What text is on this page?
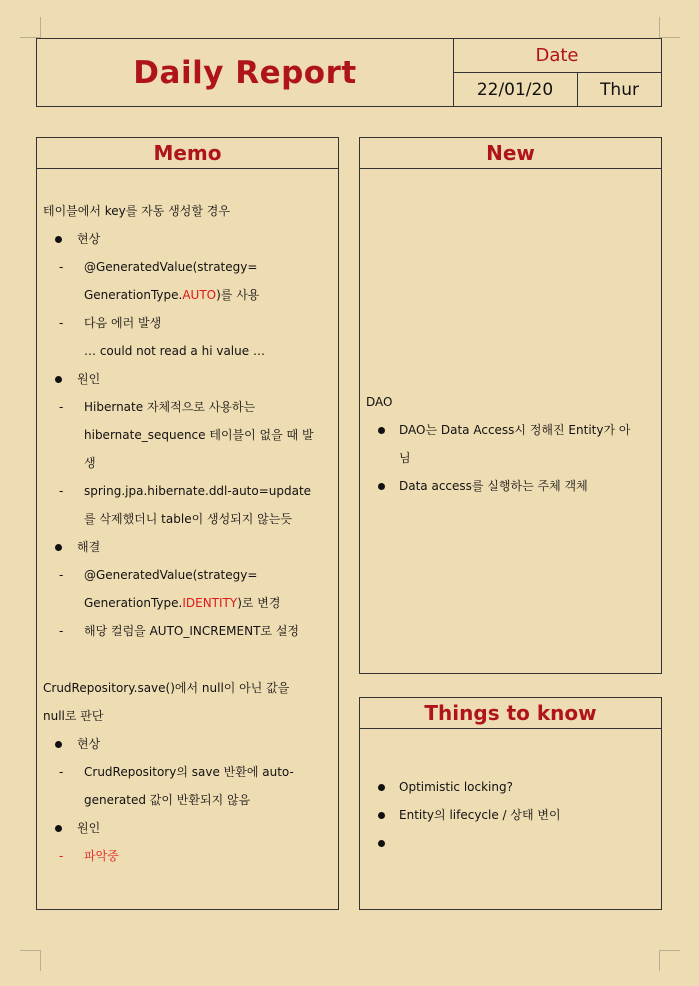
Daily Report	Date
22/01/20	Thur
Memo
테이블에서 key를 자동 생성할 경우
현상
- @GeneratedValue(strategy=
GenerationType.AUTO)를 사용
- 다음 에러 발생
… could not read a hi value …
원인
- Hibernate 자체적으로 사용하는
hibernate_sequence 테이블이 없을 때 발
생
- spring.jpa.hibernate.ddl-auto=update
를 삭제했더니 table이 생성되지 않는듯
해결
- @GeneratedValue(strategy=
GenerationType.IDENTITY)로 변경
- 해당 컬럼을 AUTO_INCREMENT로 설정
CrudRepository.save()에서 null이 아닌 값을
null로 판단
현상
- CrudRepository의 save 반환에 auto-
generated 값이 반환되지 않음
원인
- 파악중
New
DAO
DAO는 Data Access시 정해진 Entity가 아
님
Data access를 실행하는 주체 객체
Things to know
Optimistic locking?
Entity의 lifecycle / 상태 변이
